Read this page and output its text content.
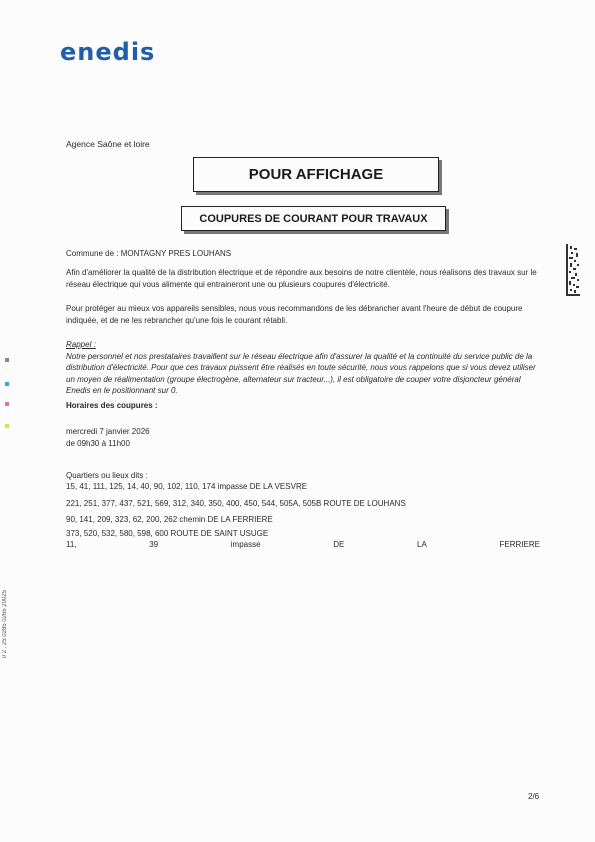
enedis
Agence Saône et loire
POUR AFFICHAGE
COUPURES DE COURANT POUR TRAVAUX
Commune de : MONTAGNY PRES LOUHANS
Afin d'améliorer la qualité de la distribution électrique et de répondre aux besoins de notre clientèle, nous réalisons des travaux sur le réseau électrique qui vous alimente qui entraineront une ou plusieurs coupures d'électricité.
Pour protéger au mieux vos appareils sensibles, nous vous recommandons de les débrancher avant l'heure de début de coupure indiquée, et de ne les rebrancher qu'une fois le courant rétabli.
Rappel :
Notre personnel et nos prestataires travaillent sur le réseau électrique afin d'assurer la qualité et la continuité du service public de la distribution d'électricité. Pour que ces travaux puissent être réalisés en toute sécurité, nous vous rappelons que si vous devez utiliser un moyen de réalimentation (groupe électrogène, alternateur sur tracteur...), il est obligatoire de couper votre disjoncteur général Enedis en le positionnant sur 0.
Horaires des coupures :
mercredi 7 janvier 2026
de 09h30 à 11h00
Quartiers ou lieux dits :
15, 41, 111, 125, 14, 40, 90, 102, 110, 174 impasse DE LA VESVRE
221, 251, 377, 437, 521, 569, 312, 340, 350, 400, 450, 544, 505A, 505B ROUTE DE LOUHANS
90, 141, 209, 323, 62, 200, 262 chemin DE LA FERRIERE
373, 520, 532, 580, 598, 600 ROUTE DE SAINT USUGE
11,	39	impasse	DE	LA	FERRIERE
2/6
0 2 . 25 0285 0265 20025
